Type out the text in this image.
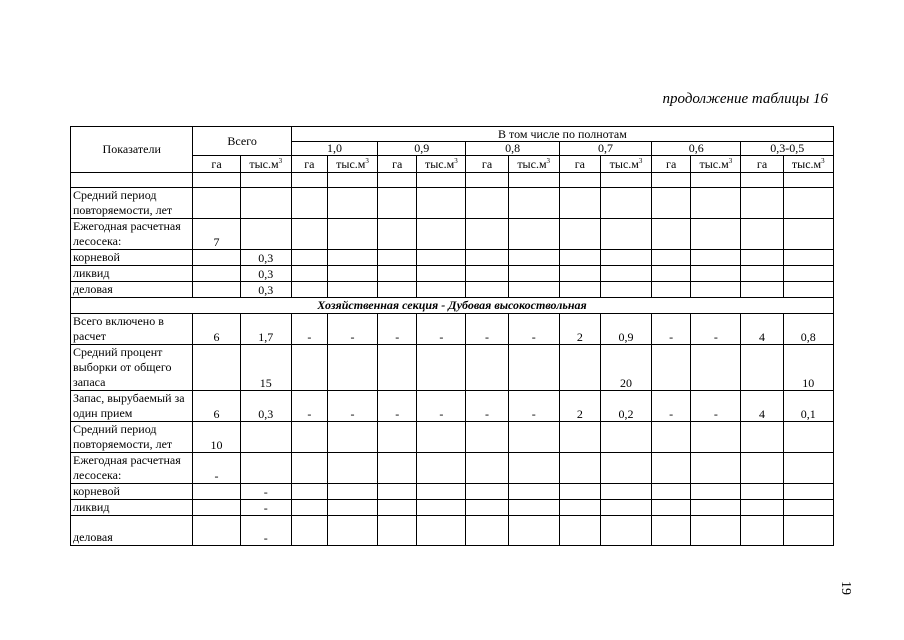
продолжение таблицы 16
Показатели	Всего		В том числе по полнотам											
			1,0		0,9		0,8		0,7		0,6		0,3-0,5	
	га	$тыс.м^3$	га	$тыс.м^3$	га	$тыс.м^3$	га	$тыс.м^3$	га	$тыс.м^3$	га	$тыс.м^3$	га	$тыс.м^3$

Средний период повторяемости, лет														
Ежегодная расчетная лесосека:	7													
корневой		0,3												
ликвид		0,3												
деловая		0,3												
Хозяйственная секция - Дубовая высокоствольная														
Всего включено в расчет	6	1,7	-	-	-	-	-	-	2	0,9	-	-	4	0,8
Средний процент выборки от общего запаса		15								20				10
Запас, вырубаемый за один прием	6	0,3	-	-	-	-	-	-	2	0,2	-	-	4	0,1
Средний период повторяемости, лет	10													
Ежегодная расчетная лесосека:	-													
корневой		-												
ликвид		-												
деловая		-												
19
